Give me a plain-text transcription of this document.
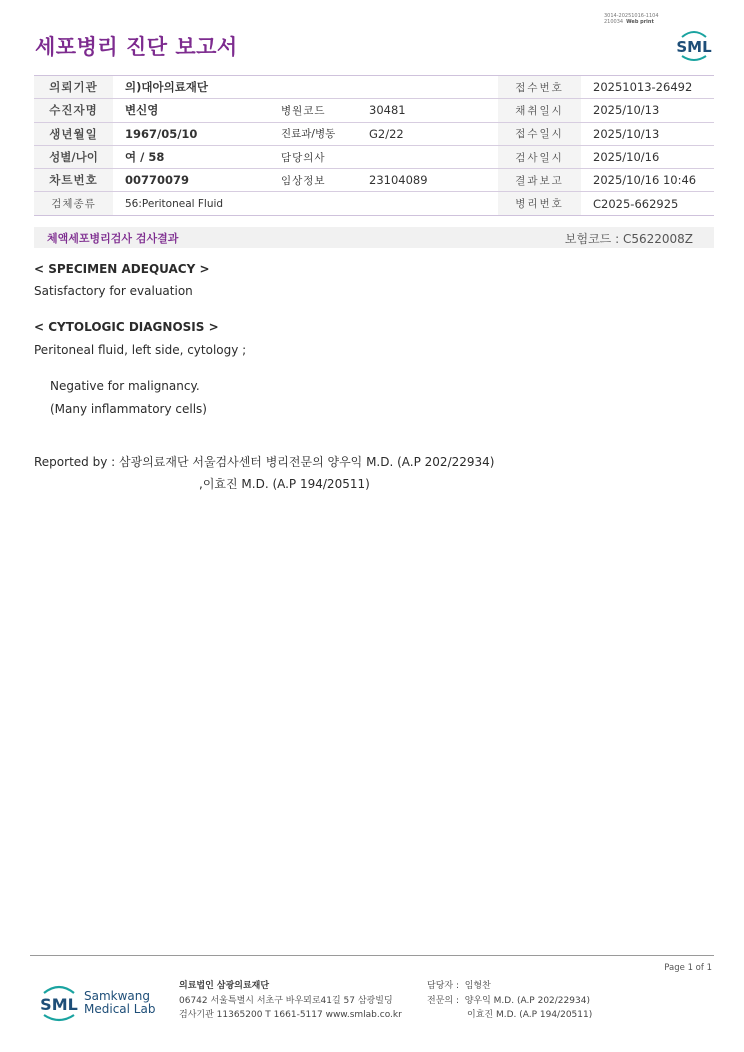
3014-20251016-1104
210034 Web print
세포병리 진단 보고서	SML
의뢰기관	의)대아의료재단			접수번호	20251013-26492
수진자명	변신영	병원코드	30481	채취일시	2025/10/13
생년월일	1967/05/10	진료과/병동	G2/22	접수일시	2025/10/13
성별/나이	여 / 58	담당의사		검사일시	2025/10/16
차트번호	00770079	임상정보	23104089	결과보고	2025/10/16 10:46
검체종류	56:Peritoneal Fluid			병리번호	C2025-662925
체액세포병리검사 검사결과	보험코드 : C5622008Z
< SPECIMEN ADEQUACY >
Satisfactory for evaluation
< CYTOLOGIC DIAGNOSIS >
Peritoneal fluid, left side, cytology ;
Negative for malignancy.
(Many inflammatory cells)
Reported by : 삼광의료재단 서울검사센터 병리전문의 양우익 M.D. (A.P 202/22934)
,이효진 M.D. (A.P 194/20511)
Page 1 of 1
SML Samkwang
Medical Lab
의료법인 삼광의료재단
06742 서울특별시 서초구 바우뫼로41길 57 삼광빌딩
검사기관 11365200 T 1661-5117 www.smlab.co.kr
담당자 : 임형찬
전문의 : 양우익 M.D. (A.P 202/22934)
이효진 M.D. (A.P 194/20511)
